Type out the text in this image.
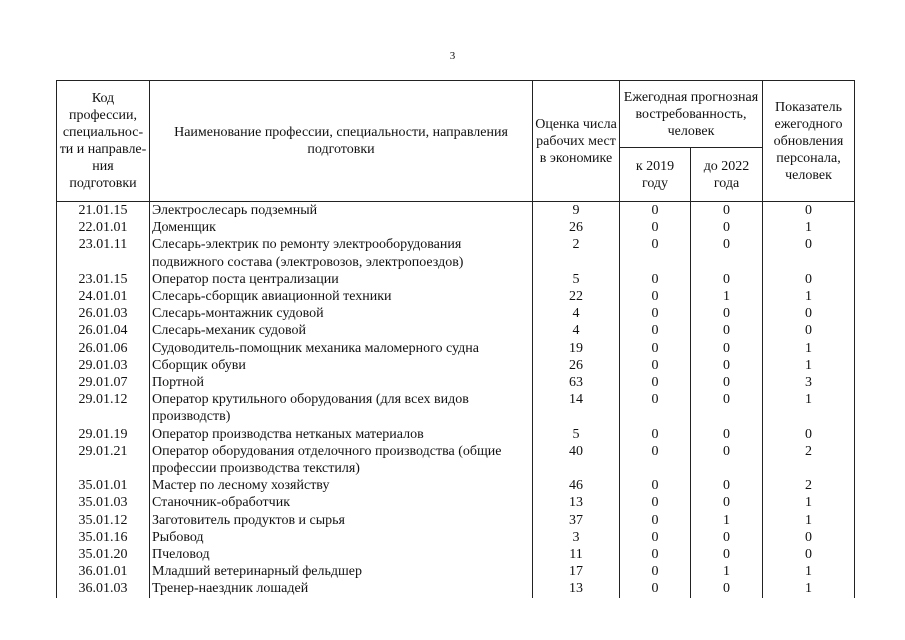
3
Код профессии, специальнос- ти и направле- ния подготовки	Наименование профессии, специальности, направления подготовки	Оценка числа рабочих мест в экономике	Ежегодная прогнозная востребованность, человек		Показатель ежегодного обновления персонала, человек
			к 2019 году	до 2022 года	
21.01.15	Электрослесарь подземный	9	0	0	0
22.01.01	Доменщик	26	0	0	1
23.01.11	Слесарь-электрик по ремонту электрооборудования подвижного состава (электровозов, электропоездов)	2	0	0	0
23.01.15	Оператор поста централизации	5	0	0	0
24.01.01	Слесарь-сборщик авиационной техники	22	0	1	1
26.01.03	Слесарь-монтажник судовой	4	0	0	0
26.01.04	Слесарь-механик судовой	4	0	0	0
26.01.06	Судоводитель-помощник механика маломерного судна	19	0	0	1
29.01.03	Сборщик обуви	26	0	0	1
29.01.07	Портной	63	0	0	3
29.01.12	Оператор крутильного оборудования (для всех видов производств)	14	0	0	1
29.01.19	Оператор производства нетканых материалов	5	0	0	0
29.01.21	Оператор оборудования отделочного производства (общие профессии производства текстиля)	40	0	0	2
35.01.01	Мастер по лесному хозяйству	46	0	0	2
35.01.03	Станочник-обработчик	13	0	0	1
35.01.12	Заготовитель продуктов и сырья	37	0	1	1
35.01.16	Рыбовод	3	0	0	0
35.01.20	Пчеловод	11	0	0	0
36.01.01	Младший ветеринарный фельдшер	17	0	1	1
36.01.03	Тренер-наездник лошадей	13	0	0	1
